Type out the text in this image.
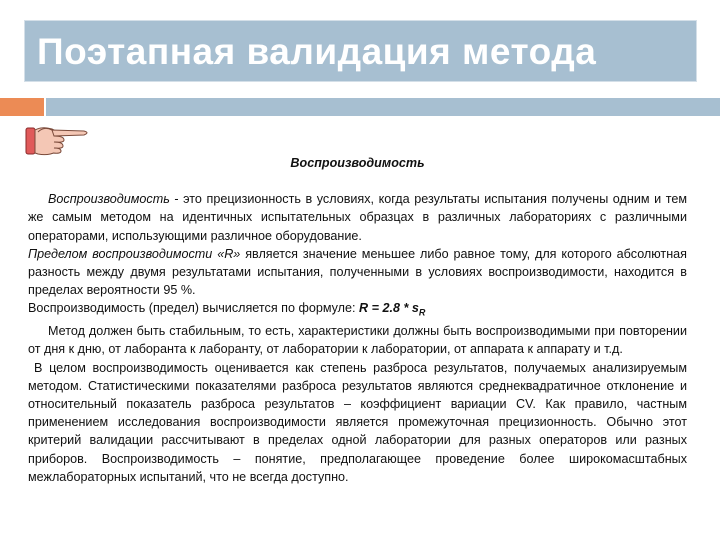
Поэтапная валидация метода

Воспроизводимость

Воспроизводимость - это прецизионность в условиях, когда результаты испытания получены одним и тем же самым методом на идентичных испытательных образцах в различных лабораториях с различными операторами, использующими различное оборудование.

Пределом воспроизводимости «R» является значение меньшее либо равное тому, для которого абсолютная разность между двумя результатами испытания, полученными в условиях воспроизводимости, находится в пределах вероятности 95 %.

Воспроизводимость (предел) вычисляется по формуле: $R = 2.8 * s_R$

Метод должен быть стабильным, то есть, характеристики должны быть воспроизводимыми при повторении от дня к дню, от лаборанта к лаборанту, от лаборатории к лаборатории, от аппарата к аппарату и т.д.

В целом воспроизводимость оценивается как степень разброса результатов, получаемых анализируемым методом. Статистическими показателями разброса результатов являются среднеквадратичное отклонение и относительный показатель разброса результатов – коэффициент вариации CV. Как правило, частным применением исследования воспроизводимости является промежуточная прецизионность. Обычно этот критерий валидации рассчитывают в пределах одной лаборатории для разных операторов или разных приборов. Воспроизводимость – понятие, предполагающее проведение более широкомасштабных межлабораторных испытаний, что не всегда доступно.
